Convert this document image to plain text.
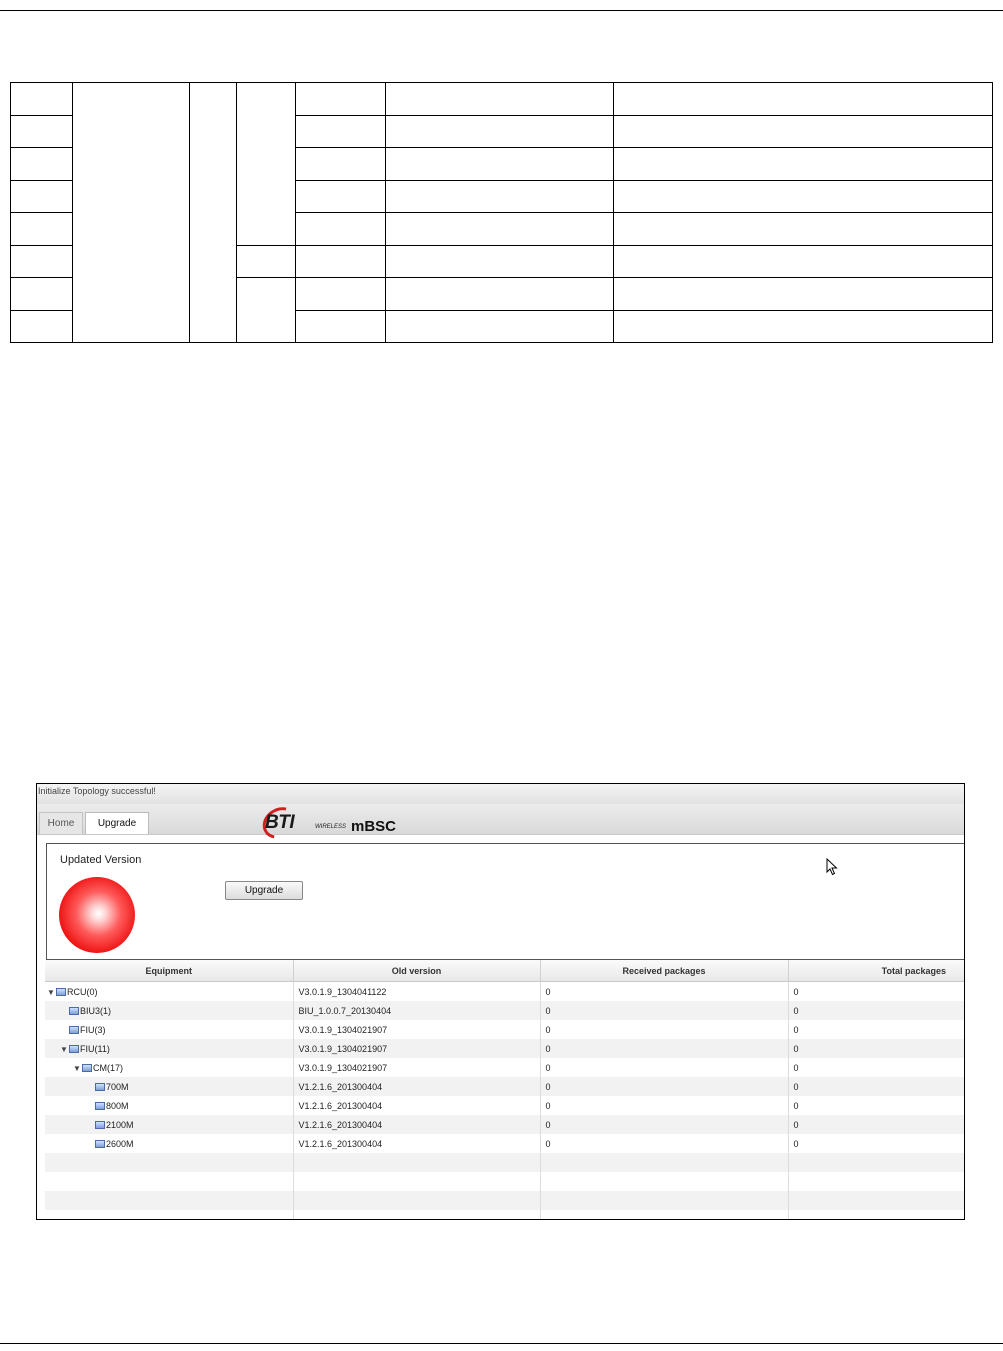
Initialize Topology successful!
Home	Upgrade	BTI	WIRELESS mBSC
Updated Version
Upgrade
Equipment	Old version	Received packages	Total packages
▼ RCU(0)	V3.0.1.9_1304041122	0	0
BIU3(1)	BIU_1.0.0.7_20130404	0	0
FIU(3)	V3.0.1.9_1304021907	0	0
▼ FIU(11)	V3.0.1.9_1304021907	0	0
▼ CM(17)	V3.0.1.9_1304021907	0	0
700M	V1.2.1.6_201300404	0	0
800M	V1.2.1.6_201300404	0	0
2100M	V1.2.1.6_201300404	0	0
2600M	V1.2.1.6_201300404	0	0
